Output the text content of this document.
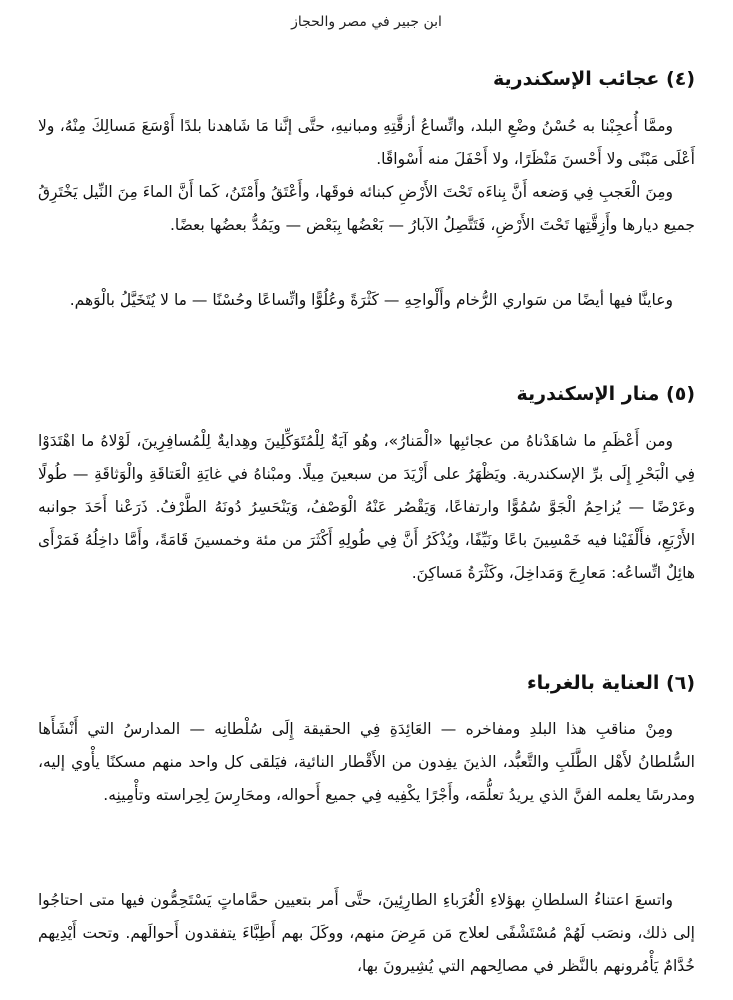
ابن جبير في مصر والحجاز
(٤) عجائب الإسكندرية

وممَّا أُعجِبْنا به حُسْنُ وضْعِ البلد، واتِّساعُ أزقَّتِهِ ومبانيهِ، حتَّى إنَّنا مَا شَاهدنا بلدًا أَوْسَعَ مَسالِكَ مِنْهُ، ولا أَعْلَى مَبْنًى ولا أَحْسنَ مَنْظَرًا، ولا أَحْفَلَ منه أَسْواقًا.

ومِنَ الْعَجبِ فِي وَضعه أَنَّ بِناءَه تَحْتَ الأَرْضِ كبنائه فوقَها، وأَعْتَقُ وأَمْتَنُ، كَما أَنَّ الماءَ مِنَ النِّيل يَخْتَرِقُ جميع ديارها وأَزِقَّتِها تَحْتَ الأَرْضِ، فَتَتَّصِلُ الآبارُ — بَعْضُها بِبَعْض — ويَمُدُّ بعضُها بعضًا.

وعاينَّا فيها أيضًا من سَواري الرُّخام وأَلْواحِهِ — كَثْرَةً وعُلُوًّا واتِّساعًا وحُسْنًا — ما لا يُتَخَيَّلُ بالْوَهم.

(٥) منار الإسكندرية

ومن أَعْظَمِ ما شاهَدْناهُ من عجائبِها «الْمَنارُ»، وهُو آيَةٌ لِلْمُتَوَكِّلِينَ وهِدايةٌ لِلْمُسافِرِينَ، لَوْلاهُ ما اهْتَدَوْا فِي الْبَحْرِ إِلَى برِّ الإسكندرية. ويَظْهَرُ على أَزْيَدَ من سبعينَ مِيلًا. ومبْناهُ في غايَةِ الْعَتاقَةِ والْوَثاقَةِ — طُولًا وعَرْضًا — يُزاحِمُ الْجَوَّ سُمُوًّا وارتفاعًا، وَيَقْصُر عَنْهُ الْوَصْفُ، وَيَنْحَسِرُ دُونَهُ الطَّرْفُ. ذَرَعْنا أَحَدَ جوانبه الأَرْبَعِ، فأَلْفَيْنا فيه خَمْسِينَ باعًا ونَيِّفًا، ويُذْكَرُ أَنَّ فِي طُولِهِ أَكْثَرَ من مئة وخمسينَ قَامَةً، وأَمَّا داخِلُهُ فَمَرْأَى هائِلٌ اتِّساعُه: مَعارِجَ وَمَداخِلَ، وكَثْرَةُ مَساكِنَ.

(٦) العناية بالغرباء

ومِنْ مناقبِ هذا البلدِ ومفاخره — العَائِدَةِ فِي الحقيقة إِلَى سُلْطانِه — المدارسُ التي أَنْشَأَها السُّلطانُ لأَهْل الطَّلَبِ والتَّعبُّد، الذينَ يفِدون من الأَقْطار النائية، فيَلقى كل واحد منهم مسكنًا يأْوي إليه، ومدرسًا يعلمه الفنَّ الذي يريدُ تعلُّمَه، وأَجْرًا يكْفِيه فِي جميع أَحواله، ومحَارِسَ لِحِراسته وتأْمِينِه.

واتسعَ اعتناءُ السلطانِ بهؤلاءِ الْغُرَباءِ الطارِئِينَ، حتَّى أَمر بتعيين حمَّاماتٍ يَسْتَحِمُّون فيها متى احتاجُوا إلى ذلك، ونصَب لَهُمْ مُسْتَشْفًى لعلاج مَن مَرِضَ منهم، ووكَلَ بهم أَطِبَّاءَ يتفقدون أَحوالَهم. وتحت أَيْدِيهم خُدَّامٌ يَأْمُرونهم بالنَّظر في مصالِحهم التي يُشِيرونَ بها،
